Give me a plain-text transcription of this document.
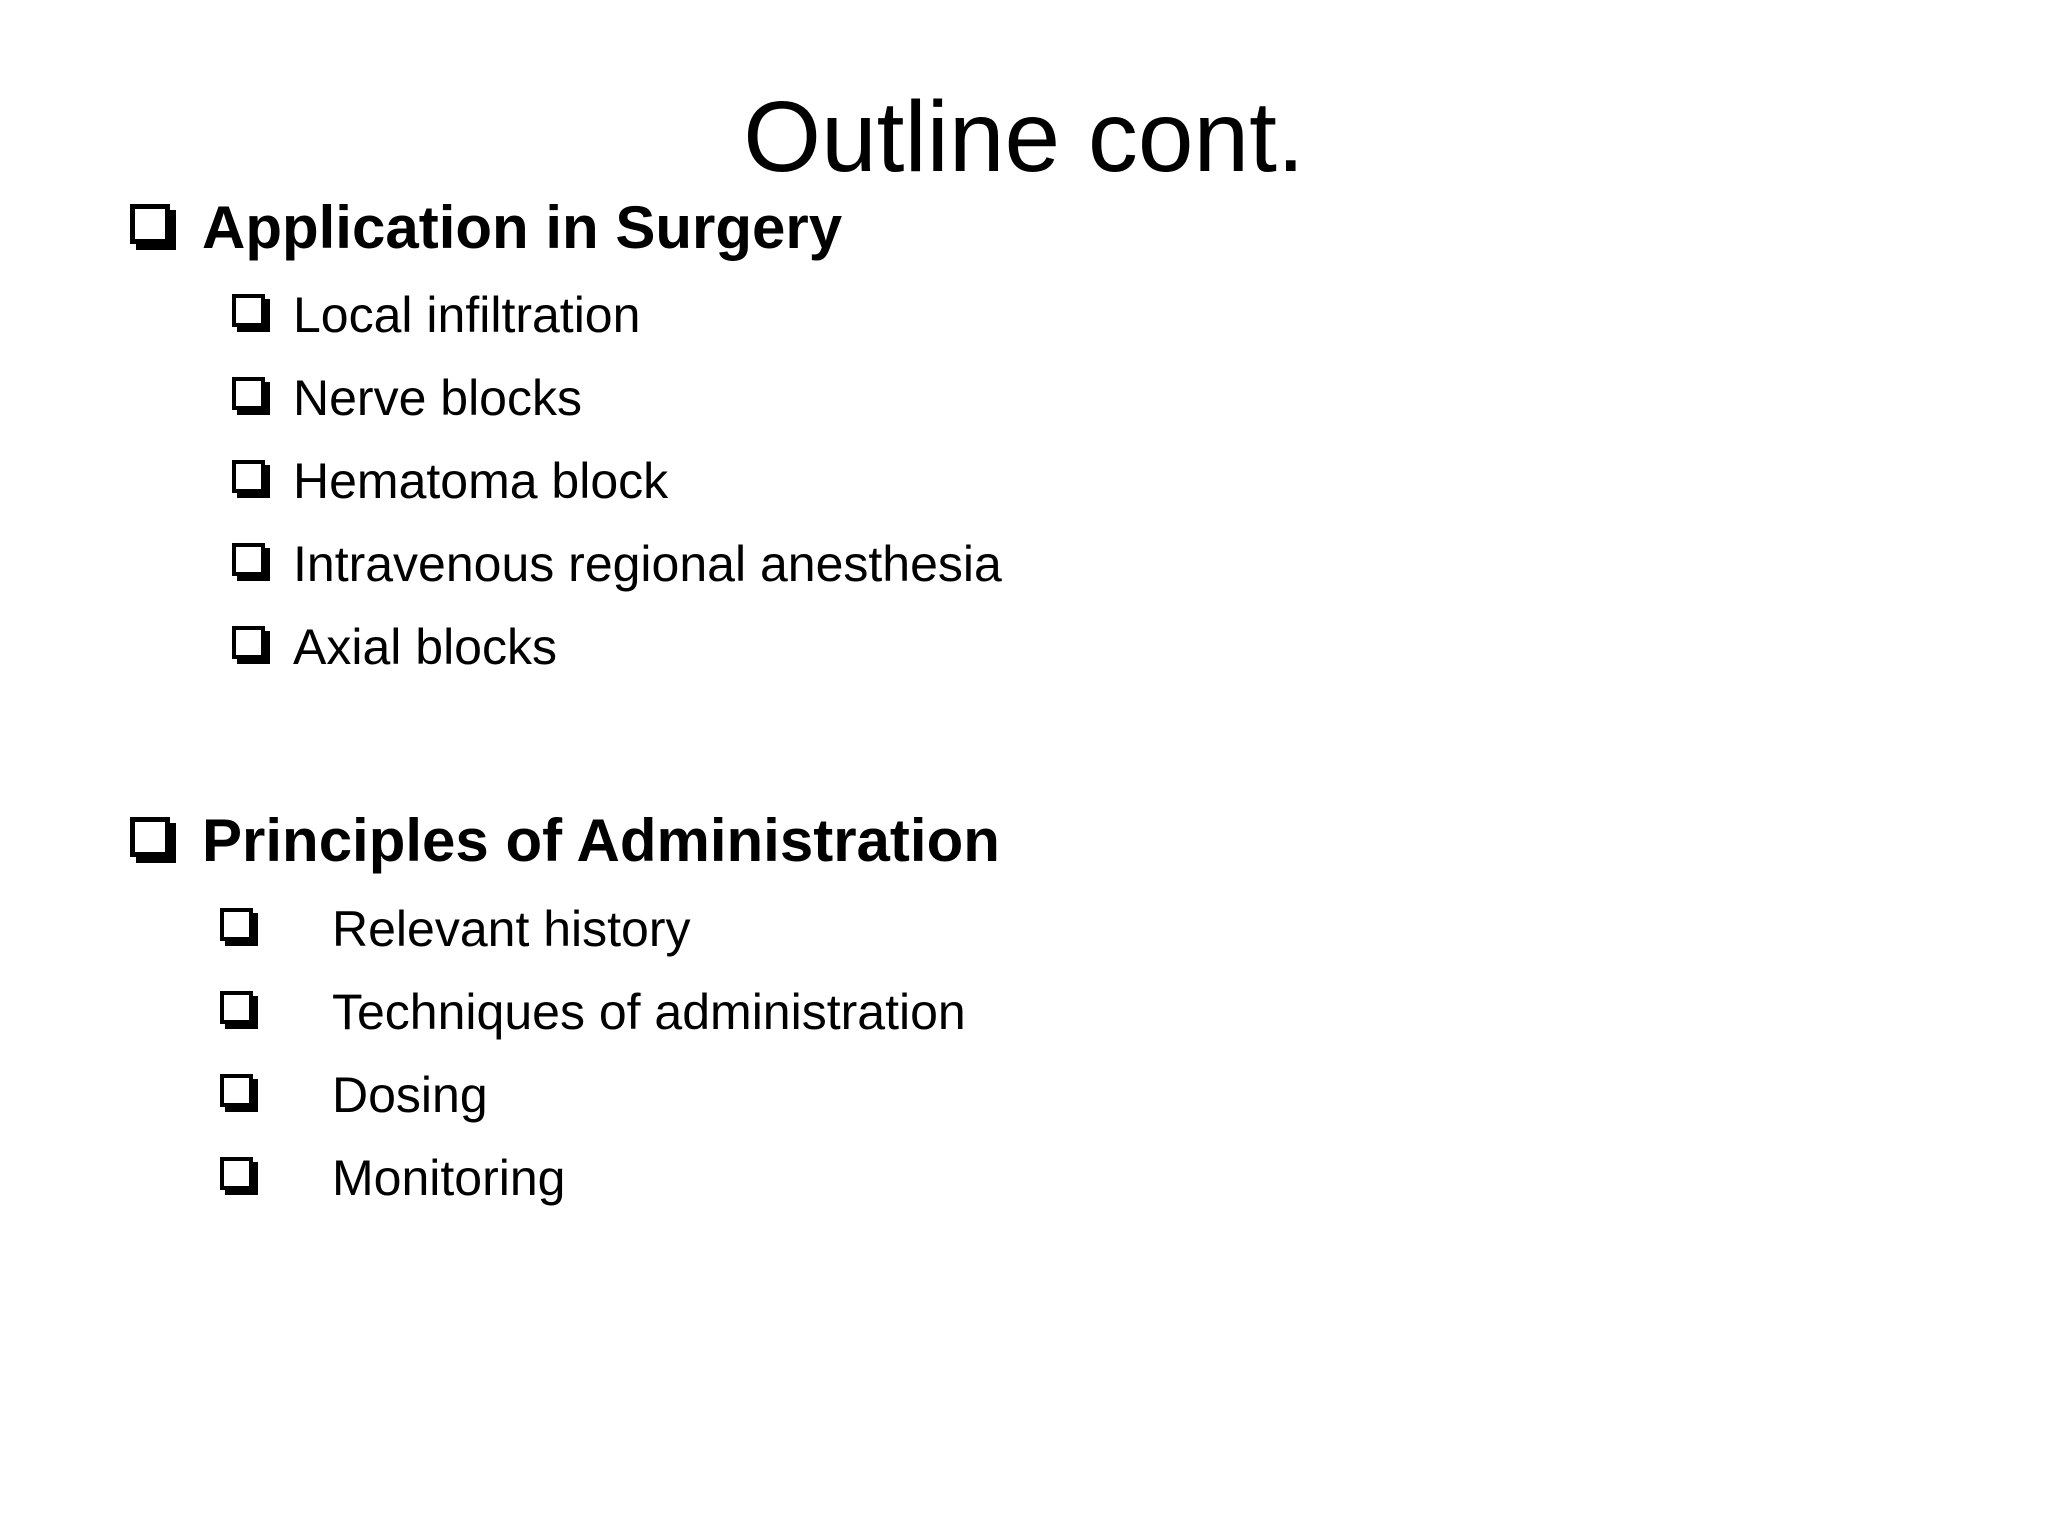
Outline cont.
Application in Surgery
Local infiltration
Nerve blocks
Hematoma block
Intravenous regional anesthesia
Axial blocks
Principles of Administration
Relevant history
Techniques of administration
Dosing
Monitoring
